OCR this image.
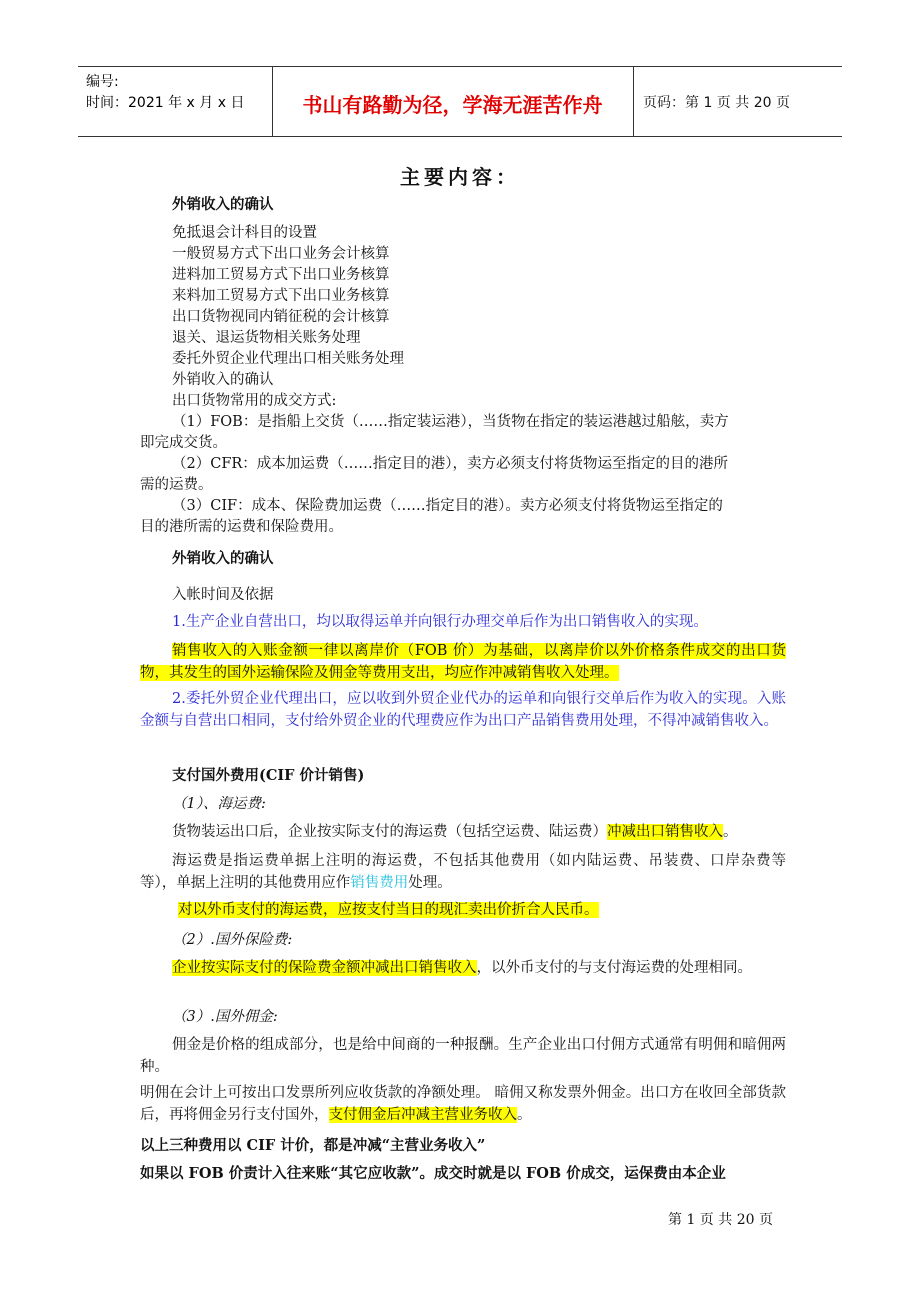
编号:
时间：2021 年 x 月 x 日	书山有路勤为径，学海无涯苦作舟	页码：第 1 页 共 20 页
主要内容：
外销收入的确认
免抵退会计科目的设置
一般贸易方式下出口业务会计核算
进料加工贸易方式下出口业务核算
来料加工贸易方式下出口业务核算
出口货物视同内销征税的会计核算
退关、退运货物相关账务处理
委托外贸企业代理出口相关账务处理
外销收入的确认
出口货物常用的成交方式:
（1）FOB：是指船上交货（……指定装运港），当货物在指定的装运港越过船舷，卖方
即完成交货。
（2）CFR：成本加运费（……指定目的港），卖方必须支付将货物运至指定的目的港所
需的运费。
（3）CIF：成本、保险费加运费（……指定目的港）。卖方必须支付将货物运至指定的
目的港所需的运费和保险费用。
外销收入的确认
入帐时间及依据
1.生产企业自营出口，均以取得运单并向银行办理交单后作为出口销售收入的实现。
销售收入的入账金额一律以离岸价（FOB 价）为基础，以离岸价以外价格条件成交的出口货物，其发生的国外运输保险及佣金等费用支出，均应作冲减销售收入处理。
2.委托外贸企业代理出口，应以收到外贸企业代办的运单和向银行交单后作为收入的实现。入账金额与自营出口相同，支付给外贸企业的代理费应作为出口产品销售费用处理，不得冲减销售收入。
支付国外费用(CIF 价计销售)
（1）、海运费:
货物装运出口后，企业按实际支付的海运费（包括空运费、陆运费）冲减出口销售收入。
海运费是指运费单据上注明的海运费，不包括其他费用（如内陆运费、吊装费、口岸杂费等等），单据上注明的其他费用应作销售费用处理。
对以外币支付的海运费，应按支付当日的现汇卖出价折合人民币。
（2）.国外保险费:
企业按实际支付的保险费金额冲减出口销售收入，以外币支付的与支付海运费的处理相同。
（3）.国外佣金:
佣金是价格的组成部分，也是给中间商的一种报酬。生产企业出口付佣方式通常有明佣和暗佣两种。
明佣在会计上可按出口发票所列应收货款的净额处理。 暗佣又称发票外佣金。出口方在收回全部货款后，再将佣金另行支付国外，支付佣金后冲减主营业务收入。
以上三种费用以 CIF 计价，都是冲减“主营业务收入”
如果以 FOB 价责计入往来账“其它应收款”。成交时就是以 FOB 价成交，运保费由本企业
第 1 页 共 20 页
